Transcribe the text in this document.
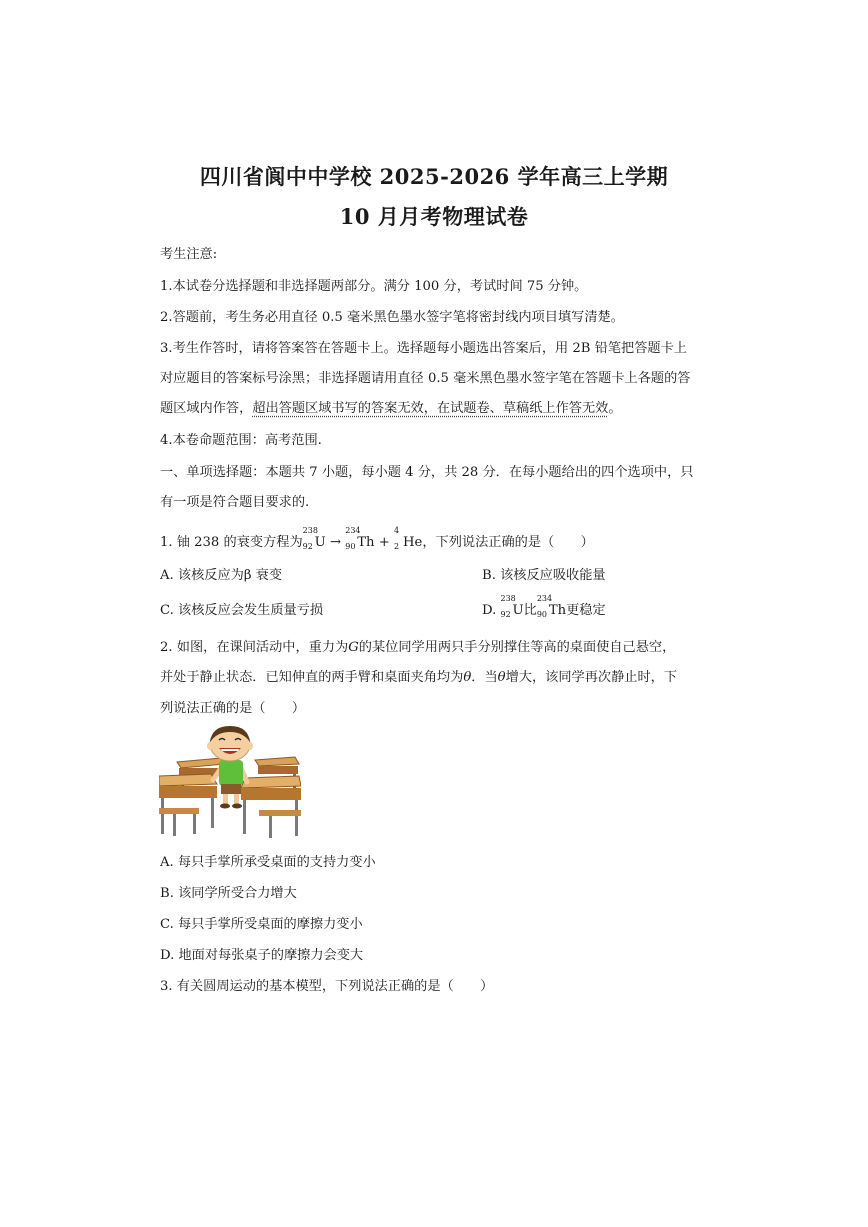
四川省阆中中学校 2025-2026 学年高三上学期
10 月月考物理试卷
考生注意:
1.本试卷分选择题和非选择题两部分。满分 100 分，考试时间 75 分钟。
2.答题前，考生务必用直径 0.5 毫米黑色墨水签字笔将密封线内项目填写清楚。
3.考生作答时，请将答案答在答题卡上。选择题每小题选出答案后，用 2B 铅笔把答题卡上
对应题目的答案标号涂黑；非选择题请用直径 0.5 毫米黑色墨水签字笔在答题卡上各题的答
题区域内作答，超出答题区域书写的答案无效，在试题卷、草稿纸上作答无效。
4.本卷命题范围：高考范围.
一、单项选择题：本题共 7 小题，每小题 4 分，共 28 分．在每小题给出的四个选项中，只
有一项是符合题目要求的.
1. 铀 238 的衰变方程为
238
92 U →
234
90 Th +
4
2 He，下列说法正确的是（　　）
A. 该核反应为β 衰变	B. 该核反应吸收能量
C. 该核反应会发生质量亏损	D.
238
92 U比
234
90 Th更稳定
2. 如图，在课间活动中，重力为G的某位同学用两只手分别撑住等高的桌面使自己悬空，
并处于静止状态．已知伸直的两手臂和桌面夹角均为θ．当θ增大，该同学再次静止时，下
列说法正确的是（　　）
A. 每只手掌所承受桌面的支持力变小
B. 该同学所受合力增大
C. 每只手掌所受桌面的摩擦力变小
D. 地面对每张桌子的摩擦力会变大
3. 有关圆周运动的基本模型，下列说法正确的是（　　）
